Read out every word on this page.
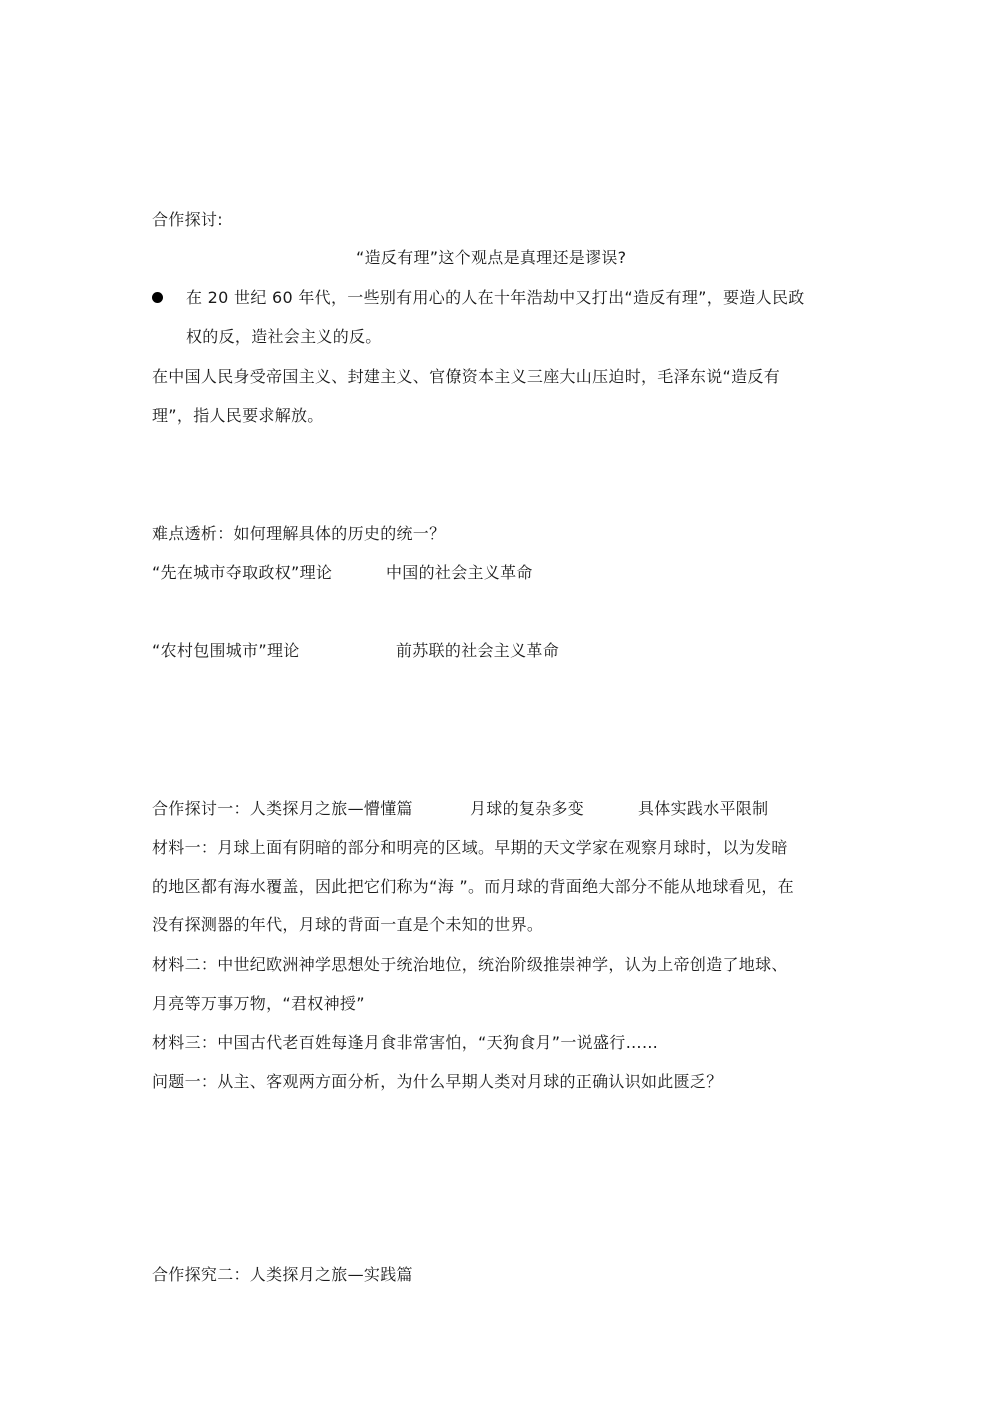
合作探讨:
“造反有理”这个观点是真理还是谬误?
在 20 世纪 60 年代，一些别有用心的人在十年浩劫中又打出“造反有理”，要造人民政
权的反，造社会主义的反。
在中国人民身受帝国主义、封建主义、官僚资本主义三座大山压迫时，毛泽东说“造反有
理”，指人民要求解放。
难点透析：如何理解具体的历史的统一？
“先在城市夺取政权”理论	中国的社会主义革命
“农村包围城市”理论	前苏联的社会主义革命
合作探讨一：人类探月之旅—懵懂篇	月球的复杂多变	具体实践水平限制
材料一：月球上面有阴暗的部分和明亮的区域。早期的天文学家在观察月球时，以为发暗
的地区都有海水覆盖，因此把它们称为“海 ”。而月球的背面绝大部分不能从地球看见，在
没有探测器的年代，月球的背面一直是个未知的世界。
材料二：中世纪欧洲神学思想处于统治地位，统治阶级推崇神学，认为上帝创造了地球、
月亮等万事万物，“君权神授”
材料三：中国古代老百姓每逢月食非常害怕，“天狗食月”一说盛行……
问题一：从主、客观两方面分析，为什么早期人类对月球的正确认识如此匮乏？
合作探究二：人类探月之旅—实践篇
